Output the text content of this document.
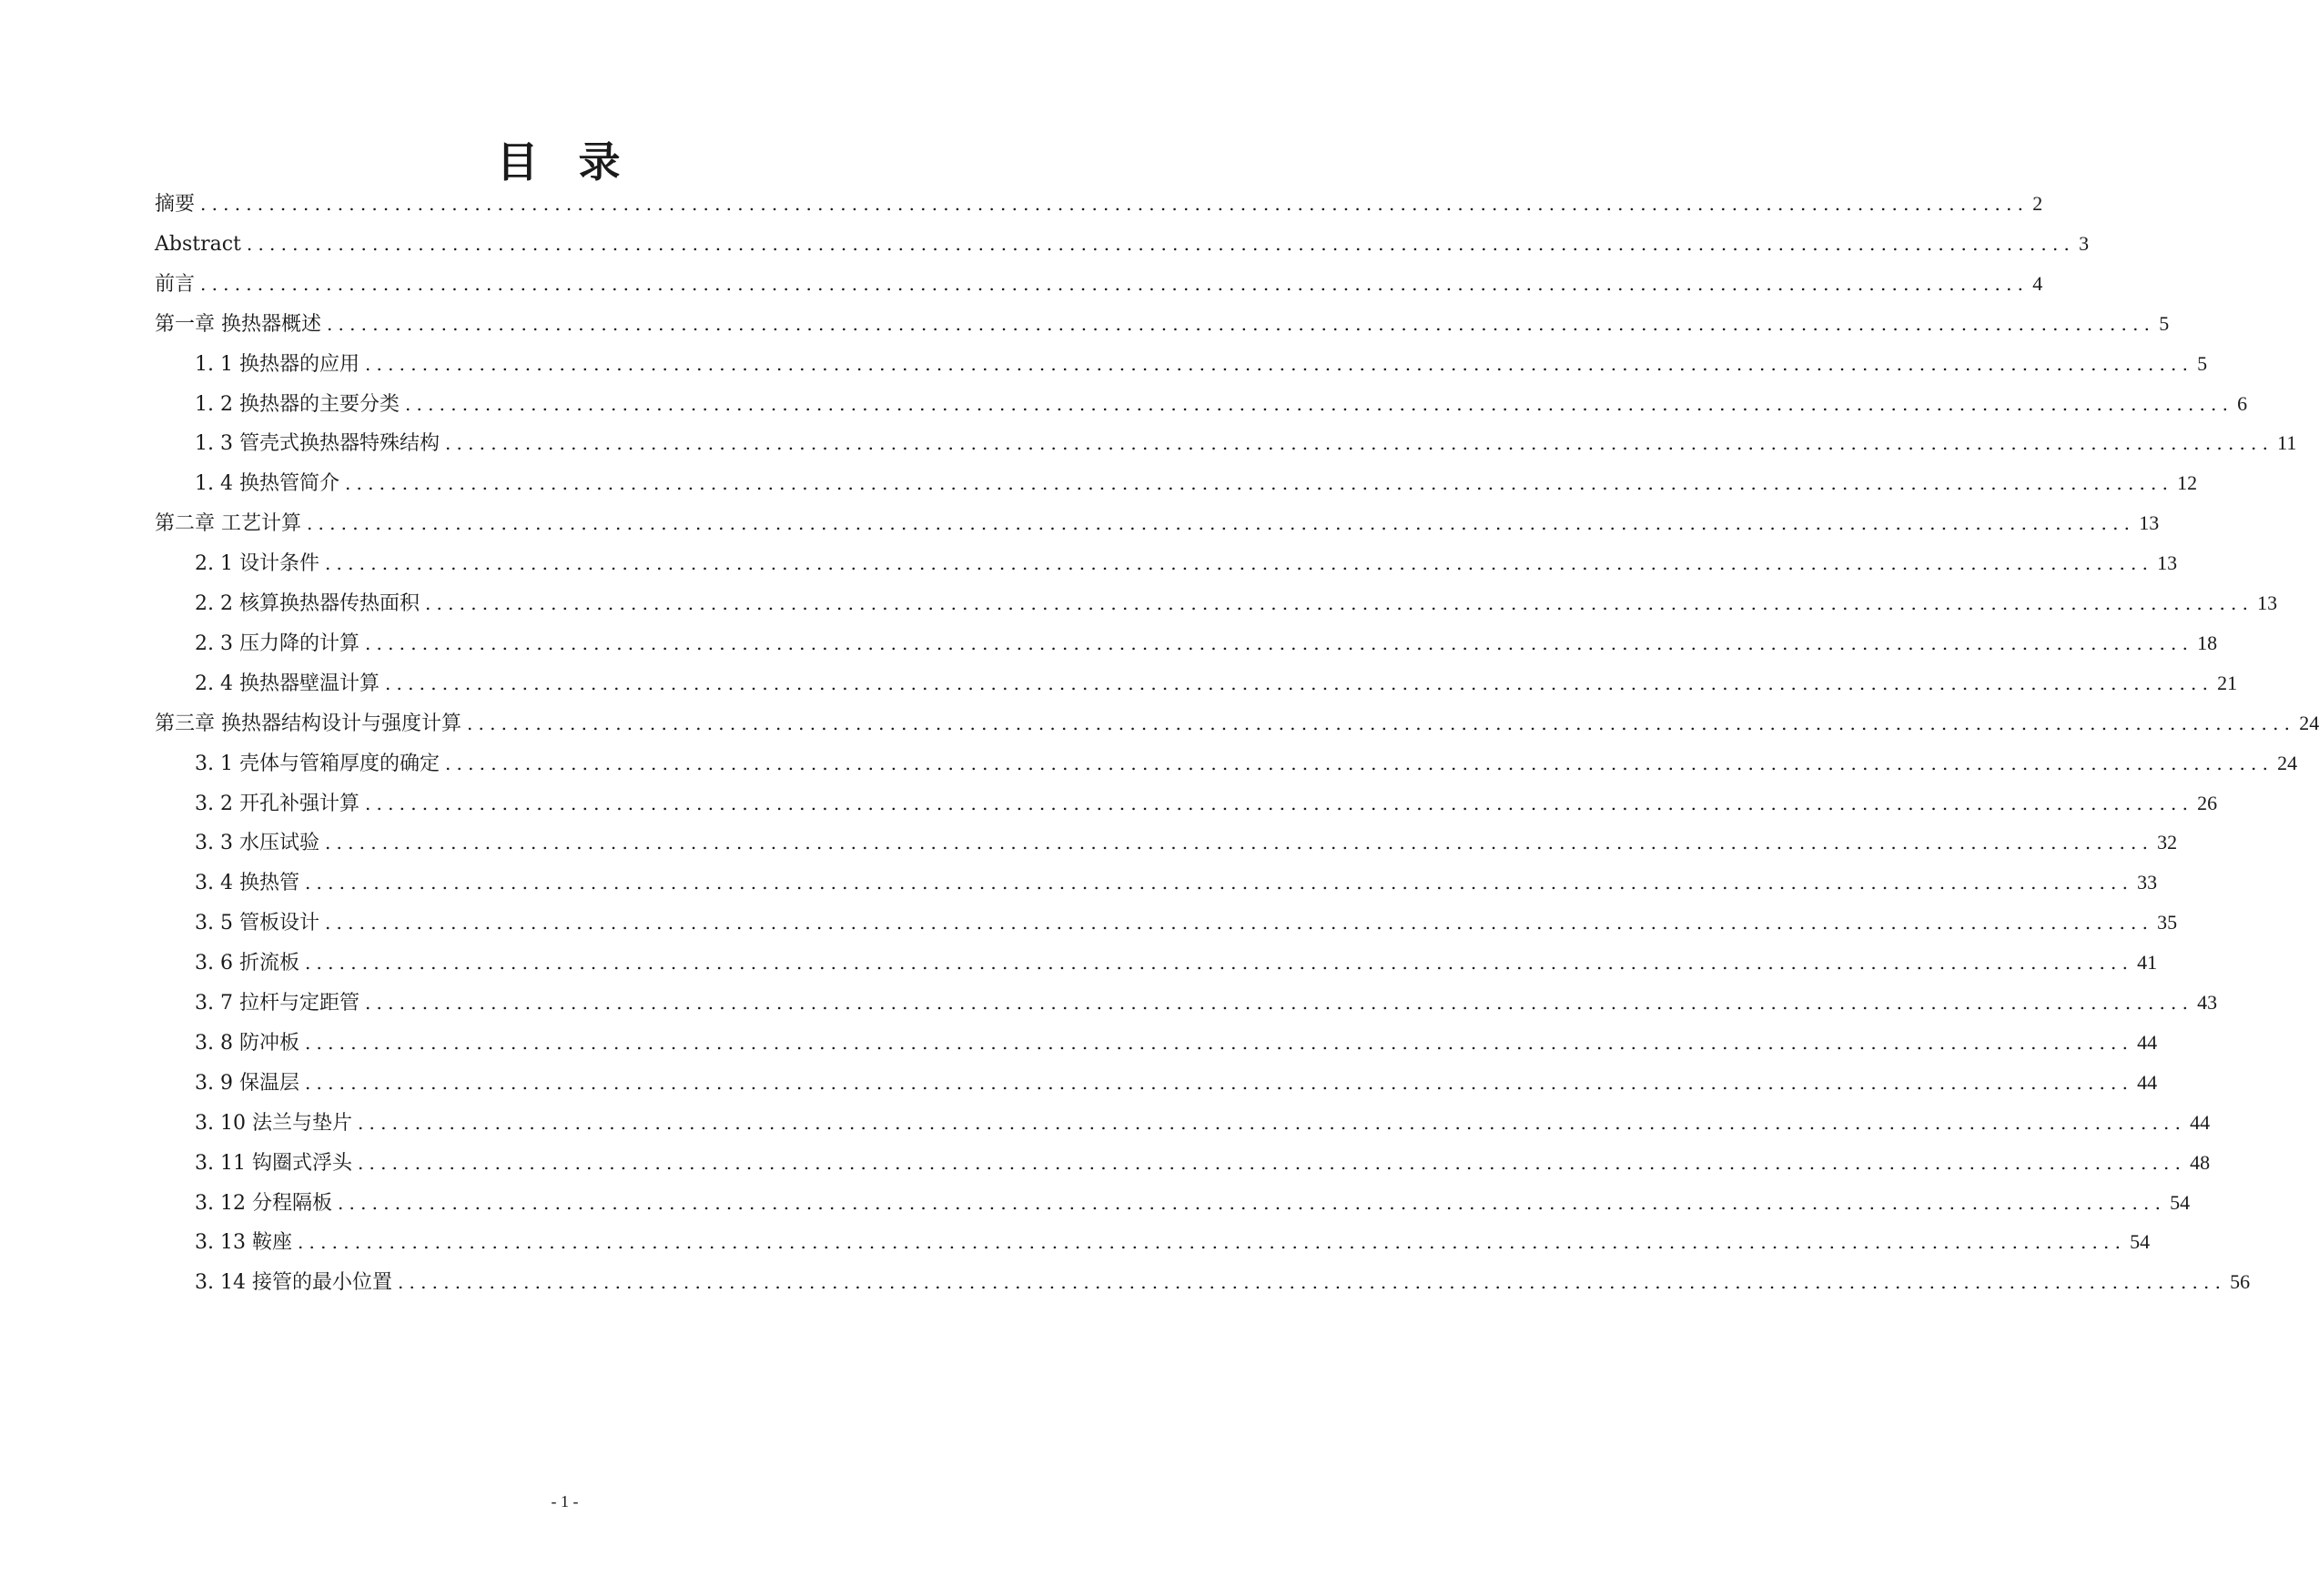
目 录
摘要 ................................................................................................................................................................ 2
Abstract ................................................................................................................................................................ 3
前言 ................................................................................................................................................................ 4
第一章 换热器概述 ................................................................................................................................................................ 5
1. 1 换热器的应用 ................................................................................................................................................................ 5
1. 2 换热器的主要分类 ................................................................................................................................................................ 6
1. 3 管壳式换热器特殊结构 ................................................................................................................................................................ 11
1. 4 换热管简介 ................................................................................................................................................................ 12
第二章 工艺计算 ................................................................................................................................................................ 13
2. 1 设计条件 ................................................................................................................................................................ 13
2. 2 核算换热器传热面积 ................................................................................................................................................................ 13
2. 3 压力降的计算 ................................................................................................................................................................ 18
2. 4 换热器壁温计算 ................................................................................................................................................................ 21
第三章 换热器结构设计与强度计算 ................................................................................................................................................................ 24
3. 1 壳体与管箱厚度的确定 ................................................................................................................................................................ 24
3. 2 开孔补强计算 ................................................................................................................................................................ 26
3. 3 水压试验 ................................................................................................................................................................ 32
3. 4 换热管 ................................................................................................................................................................ 33
3. 5 管板设计 ................................................................................................................................................................ 35
3. 6 折流板 ................................................................................................................................................................ 41
3. 7 拉杆与定距管 ................................................................................................................................................................ 43
3. 8 防冲板 ................................................................................................................................................................ 44
3. 9 保温层 ................................................................................................................................................................ 44
3. 10 法兰与垫片 ................................................................................................................................................................ 44
3. 11 钩圈式浮头 ................................................................................................................................................................ 48
3. 12 分程隔板 ................................................................................................................................................................ 54
3. 13 鞍座 ................................................................................................................................................................ 54
3. 14 接管的最小位置 ................................................................................................................................................................ 56
- 1 -
